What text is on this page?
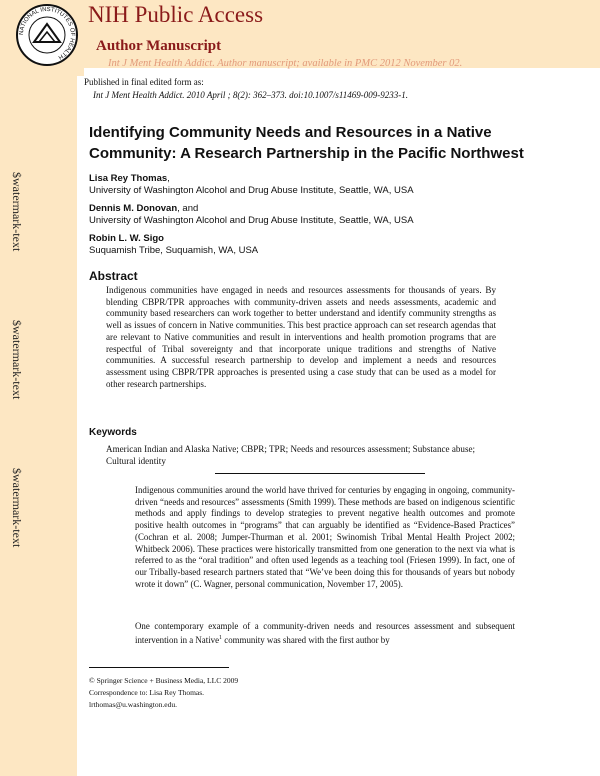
NATIONAL INSTITUTES OF HEALTH
NIH Public Access
Author Manuscript
Int J Ment Health Addict. Author manuscript; available in PMC 2012 November 02.
Published in final edited form as:
Int J Ment Health Addict. 2010 April ; 8(2): 362–373. doi:10.1007/s11469-009-9233-1.
$watermark-text
$watermark-text
$watermark-text
Identifying Community Needs and Resources in a Native Community: A Research Partnership in the Pacific Northwest
Lisa Rey Thomas,
University of Washington Alcohol and Drug Abuse Institute, Seattle, WA, USA
Dennis M. Donovan, and
University of Washington Alcohol and Drug Abuse Institute, Seattle, WA, USA
Robin L. W. Sigo
Suquamish Tribe, Suquamish, WA, USA
Abstract
Indigenous communities have engaged in needs and resources assessments for thousands of years. By blending CBPR/TPR approaches with community-driven assets and needs assessments, academic and community based researchers can work together to better understand and identify community strengths as well as issues of concern in Native communities. This best practice approach can set research agendas that are relevant to Native communities and result in interventions and health promotion programs that are respectful of Tribal sovereignty and that incorporate unique traditions and strengths of Native communities. A successful research partnership to develop and implement a needs and resources assessment using CBPR/TPR approaches is presented using a case study that can be used as a model for other research partnerships.
Keywords
American Indian and Alaska Native; CBPR; TPR; Needs and resources assessment; Substance abuse; Cultural identity
Indigenous communities around the world have thrived for centuries by engaging in ongoing, community-driven “needs and resources” assessments (Smith 1999). These methods are based on indigenous scientific methods and apply findings to develop strategies to prevent negative health outcomes and promote positive health outcomes in “programs” that can arguably be identified as “Evidence-Based Practices” (Cochran et al. 2008; Jumper-Thurman et al. 2001; Swinomish Tribal Mental Health Project 2002; Whitbeck 2006). These practices were historically transmitted from one generation to the next via what is referred to as the “oral tradition” and often used legends as a teaching tool (Friesen 1999). In fact, one of our Tribally-based research partners stated that “We’ve been doing this for thousands of years but nobody wrote it down” (C. Wagner, personal communication, November 17, 2005).
One contemporary example of a community-driven needs and resources assessment and subsequent intervention in a Native$^1$ community was shared with the first author by
© Springer Science + Business Media, LLC 2009
Correspondence to: Lisa Rey Thomas.
lrthomas@u.washington.edu.
